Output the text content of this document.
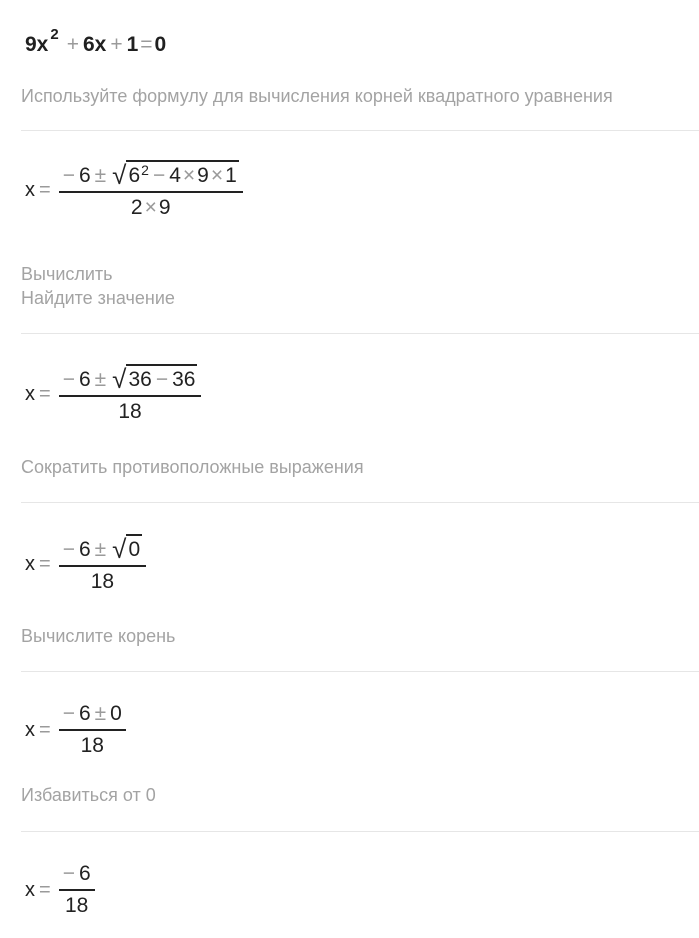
9x $^2$ + 6x + 1=0
Используйте формулу для вычисления корней квадратного уравнения
$x = \frac{- 6 \pm √ 6 2 - 4 \times 9 \times 1}{2\times 9}$
Вычислить
Найдите значение
$x = \frac{- 6 \pm √ 36 - 36}{18}$
Сократить противоположные выражения
$x = \frac{- 6 \pm √ 0}{18}$
Вычислите корень
$x = \frac{- 6 \pm 0}{18}$
Избавиться от 0
$x = \frac{- 6}{18}$
